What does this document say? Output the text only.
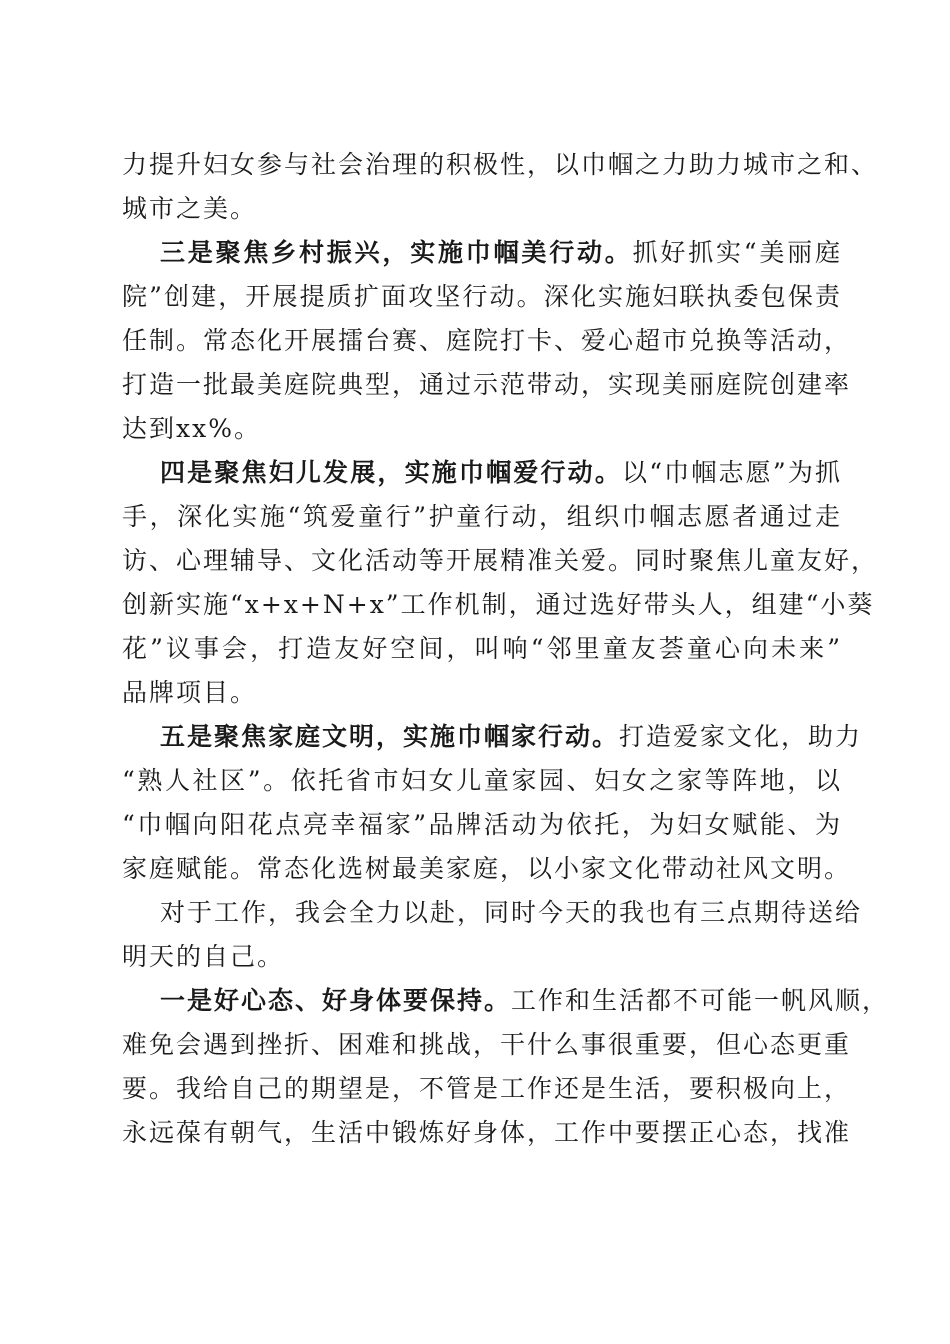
力提升妇女参与社会治理的积极性，以巾帼之力助力城市之和、
城市之美。
三是聚焦乡村振兴，实施巾帼美行动。抓好抓实“美丽庭
院”创建，开展提质扩面攻坚行动。深化实施妇联执委包保责
任制。常态化开展擂台赛、庭院打卡、爱心超市兑换等活动，
打造一批最美庭院典型，通过示范带动，实现美丽庭院创建率
达到xx%。
四是聚焦妇儿发展，实施巾帼爱行动。以“巾帼志愿”为抓
手，深化实施“筑爱童行”护童行动，组织巾帼志愿者通过走
访、心理辅导、文化活动等开展精准关爱。同时聚焦儿童友好，
创新实施“x+x+N+x”工作机制，通过选好带头人，组建“小葵
花”议事会，打造友好空间，叫响“邻里童友荟童心向未来”
品牌项目。
五是聚焦家庭文明，实施巾帼家行动。打造爱家文化，助力
“熟人社区”。依托省市妇女儿童家园、妇女之家等阵地，以
“巾帼向阳花点亮幸福家”品牌活动为依托，为妇女赋能、为
家庭赋能。常态化选树最美家庭，以小家文化带动社风文明。
对于工作，我会全力以赴，同时今天的我也有三点期待送给
明天的自己。
一是好心态、好身体要保持。工作和生活都不可能一帆风顺，
难免会遇到挫折、困难和挑战，干什么事很重要，但心态更重
要。我给自己的期望是，不管是工作还是生活，要积极向上，
永远葆有朝气，生活中锻炼好身体，工作中要摆正心态，找准
